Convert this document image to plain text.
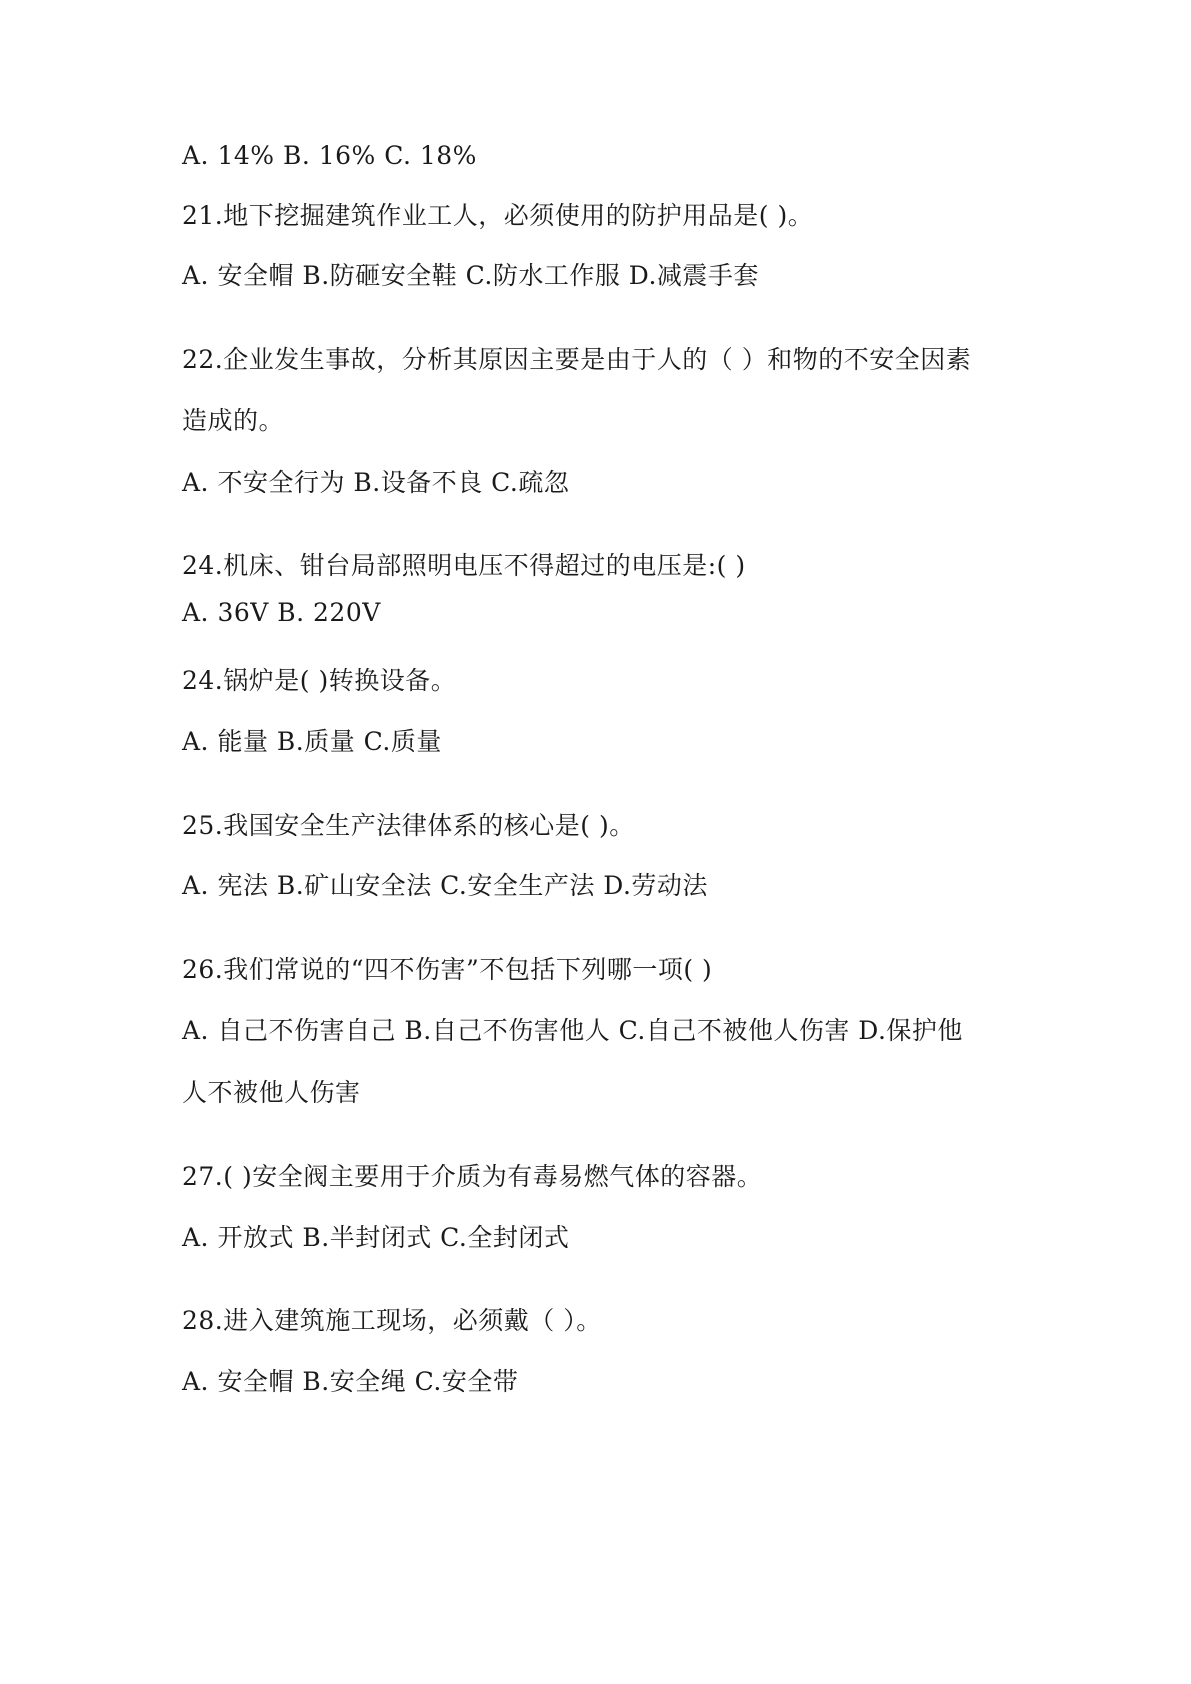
A. 14% B. 16% C. 18%
21.地下挖掘建筑作业工人，必须使用的防护用品是( )。
A. 安全帽 B.防砸安全鞋 C.防水工作服 D.减震手套
22.企业发生事故，分析其原因主要是由于人的（ ）和物的不安全因素
造成的。
A. 不安全行为 B.设备不良 C.疏忽
24.机床、钳台局部照明电压不得超过的电压是:( )
A. 36V B. 220V
24.锅炉是( )转换设备。
A. 能量 B.质量 C.质量
25.我国安全生产法律体系的核心是( )。
A. 宪法 B.矿山安全法 C.安全生产法 D.劳动法
26.我们常说的“四不伤害”不包括下列哪一项( )
A. 自己不伤害自己 B.自己不伤害他人 C.自己不被他人伤害 D.保护他
人不被他人伤害
27.( )安全阀主要用于介质为有毒易燃气体的容器。
A. 开放式 B.半封闭式 C.全封闭式
28.进入建筑施工现场，必须戴（ ）。
A. 安全帽 B.安全绳 C.安全带
